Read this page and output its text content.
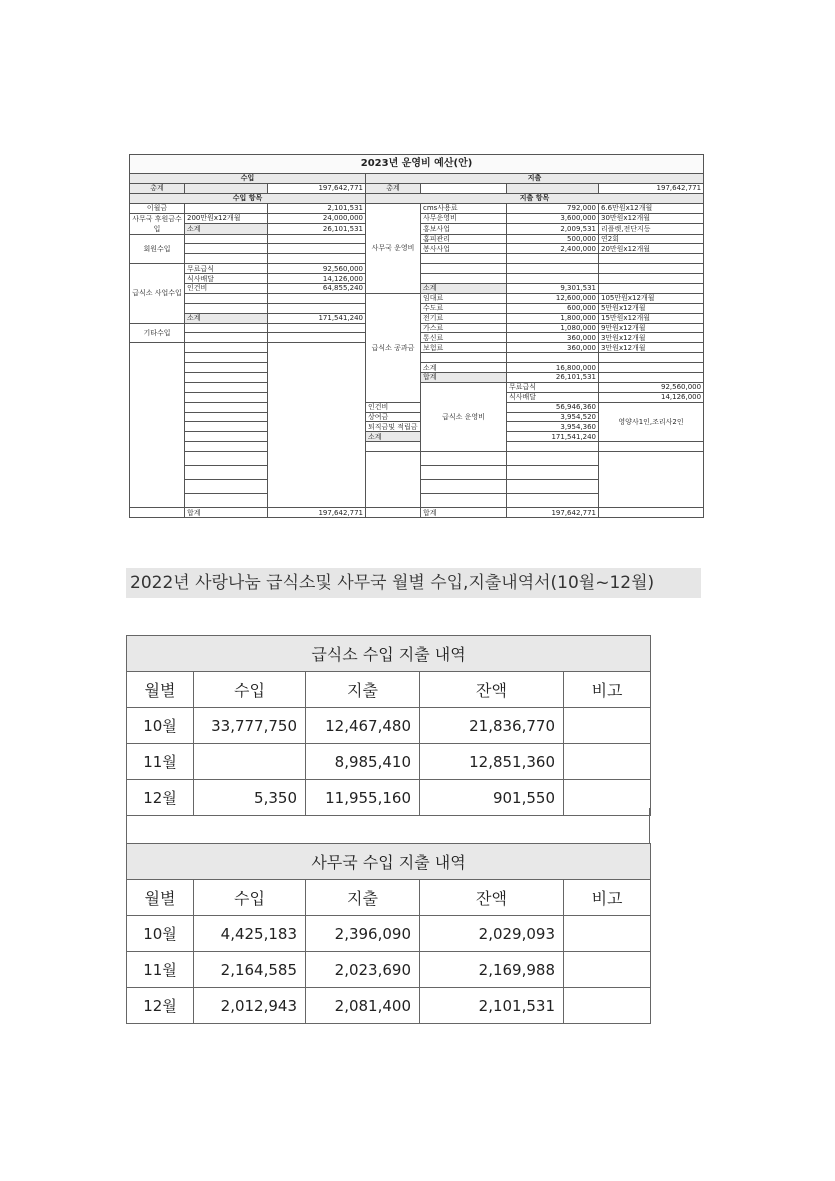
2023년 운영비 예산(안)							
수입			지출				
총계		197,642,771	총계			197,642,771	
수입 항목			지출 항목				
이월금		2,101,531	사무국 운영비	cms사용료	792,000	6.6만원x12개월	
사무국 후원금수입	200만원x12개월	24,000,000		사무운영비	3,600,000	30만원x12개월	
	소계	26,101,531		홍보사업	2,009,531	리플렛,전단지등	
회원수입				홈피관리	500,000	연2회	
				봉사사업	2,400,000	20만원x12개월	

급식소 사업수입	무료급식	92,560,000					
	식사배달	14,126,000					
	인건비	64,855,240		소계	9,301,531		
			급식소 공과금	임대료	12,600,000	105만원x12개월	
				수도료	600,000	5만원x12개월	
	소계	171,541,240		전기료	1,800,000	15만원x12개월	
기타수입				가스료	1,080,000	9만원x12개월	
				통신료	360,000	3만원x12개월	
				보험료	360,000	3만원x12개월	

				소계	16,800,000		
				합계	26,101,531		
				급식소 운영비	무료급식	92,560,000	
					식사배달	14,126,000	
			인건비		56,946,360	영양사1인,조리사2인	
			상여금		3,954,520		
			퇴직금및 적립금		3,954,360		
			소계		171,541,240		

	합계	197,642,771		합계	197,642,771		
2022년 사랑나눔 급식소및 사무국 월별 수입,지출내역서(10월~12월)
급식소 수입 지출 내역				
월별	수입	지출	잔액	비고
10월	33,777,750	12,467,480	21,836,770	
11월		8,985,410	12,851,360	
12월	5,350	11,955,160	901,550	
사무국 수입 지출 내역				
월별	수입	지출	잔액	비고
10월	4,425,183	2,396,090	2,029,093	
11월	2,164,585	2,023,690	2,169,988	
12월	2,012,943	2,081,400	2,101,531	
